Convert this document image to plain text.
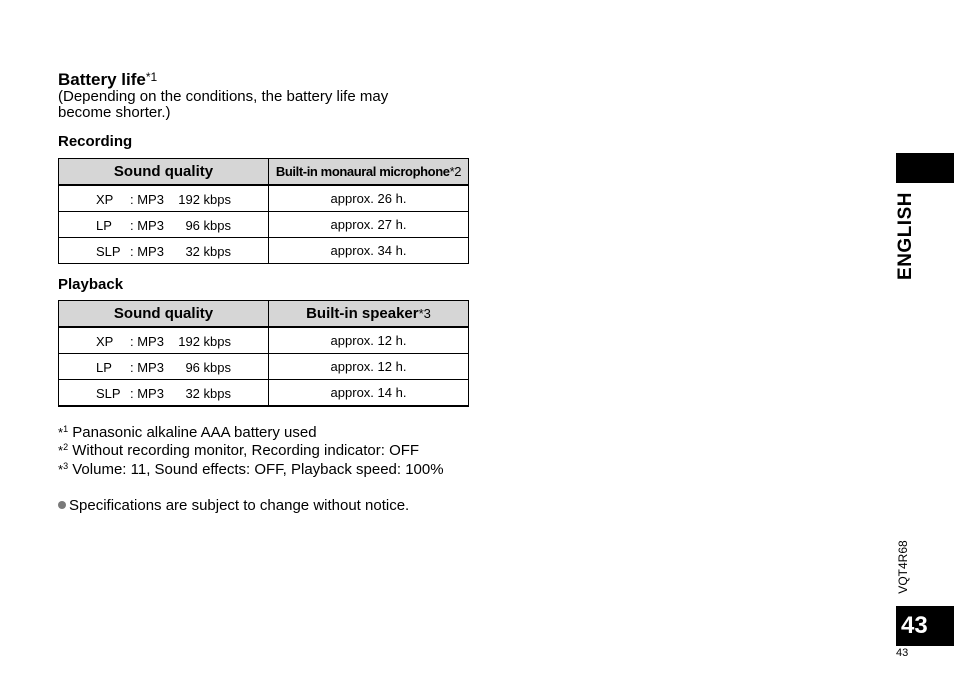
Battery life$^{*1}$
(Depending on the conditions, the battery life may
become shorter.)
Recording
Sound quality	Built-in monaural microphone*2

XP : MP3 192 kbps	approx. 26 h.

LP : MP3 96 kbps	approx. 27 h.

SLP : MP3 32 kbps	approx. 34 h.
Playback
Sound quality	Built-in speaker*3

XP : MP3 192 kbps	approx. 12 h.

LP : MP3 96 kbps	approx. 12 h.

SLP : MP3 32 kbps	approx. 14 h.
*$^1$ Panasonic alkaline AAA battery used
*$^2$ Without recording monitor, Recording indicator: OFF
*$^3$ Volume: 11, Sound effects: OFF, Playback speed: 100%
Specifications are subject to change without notice.
ENGLISH
VQT4R68
43
43
